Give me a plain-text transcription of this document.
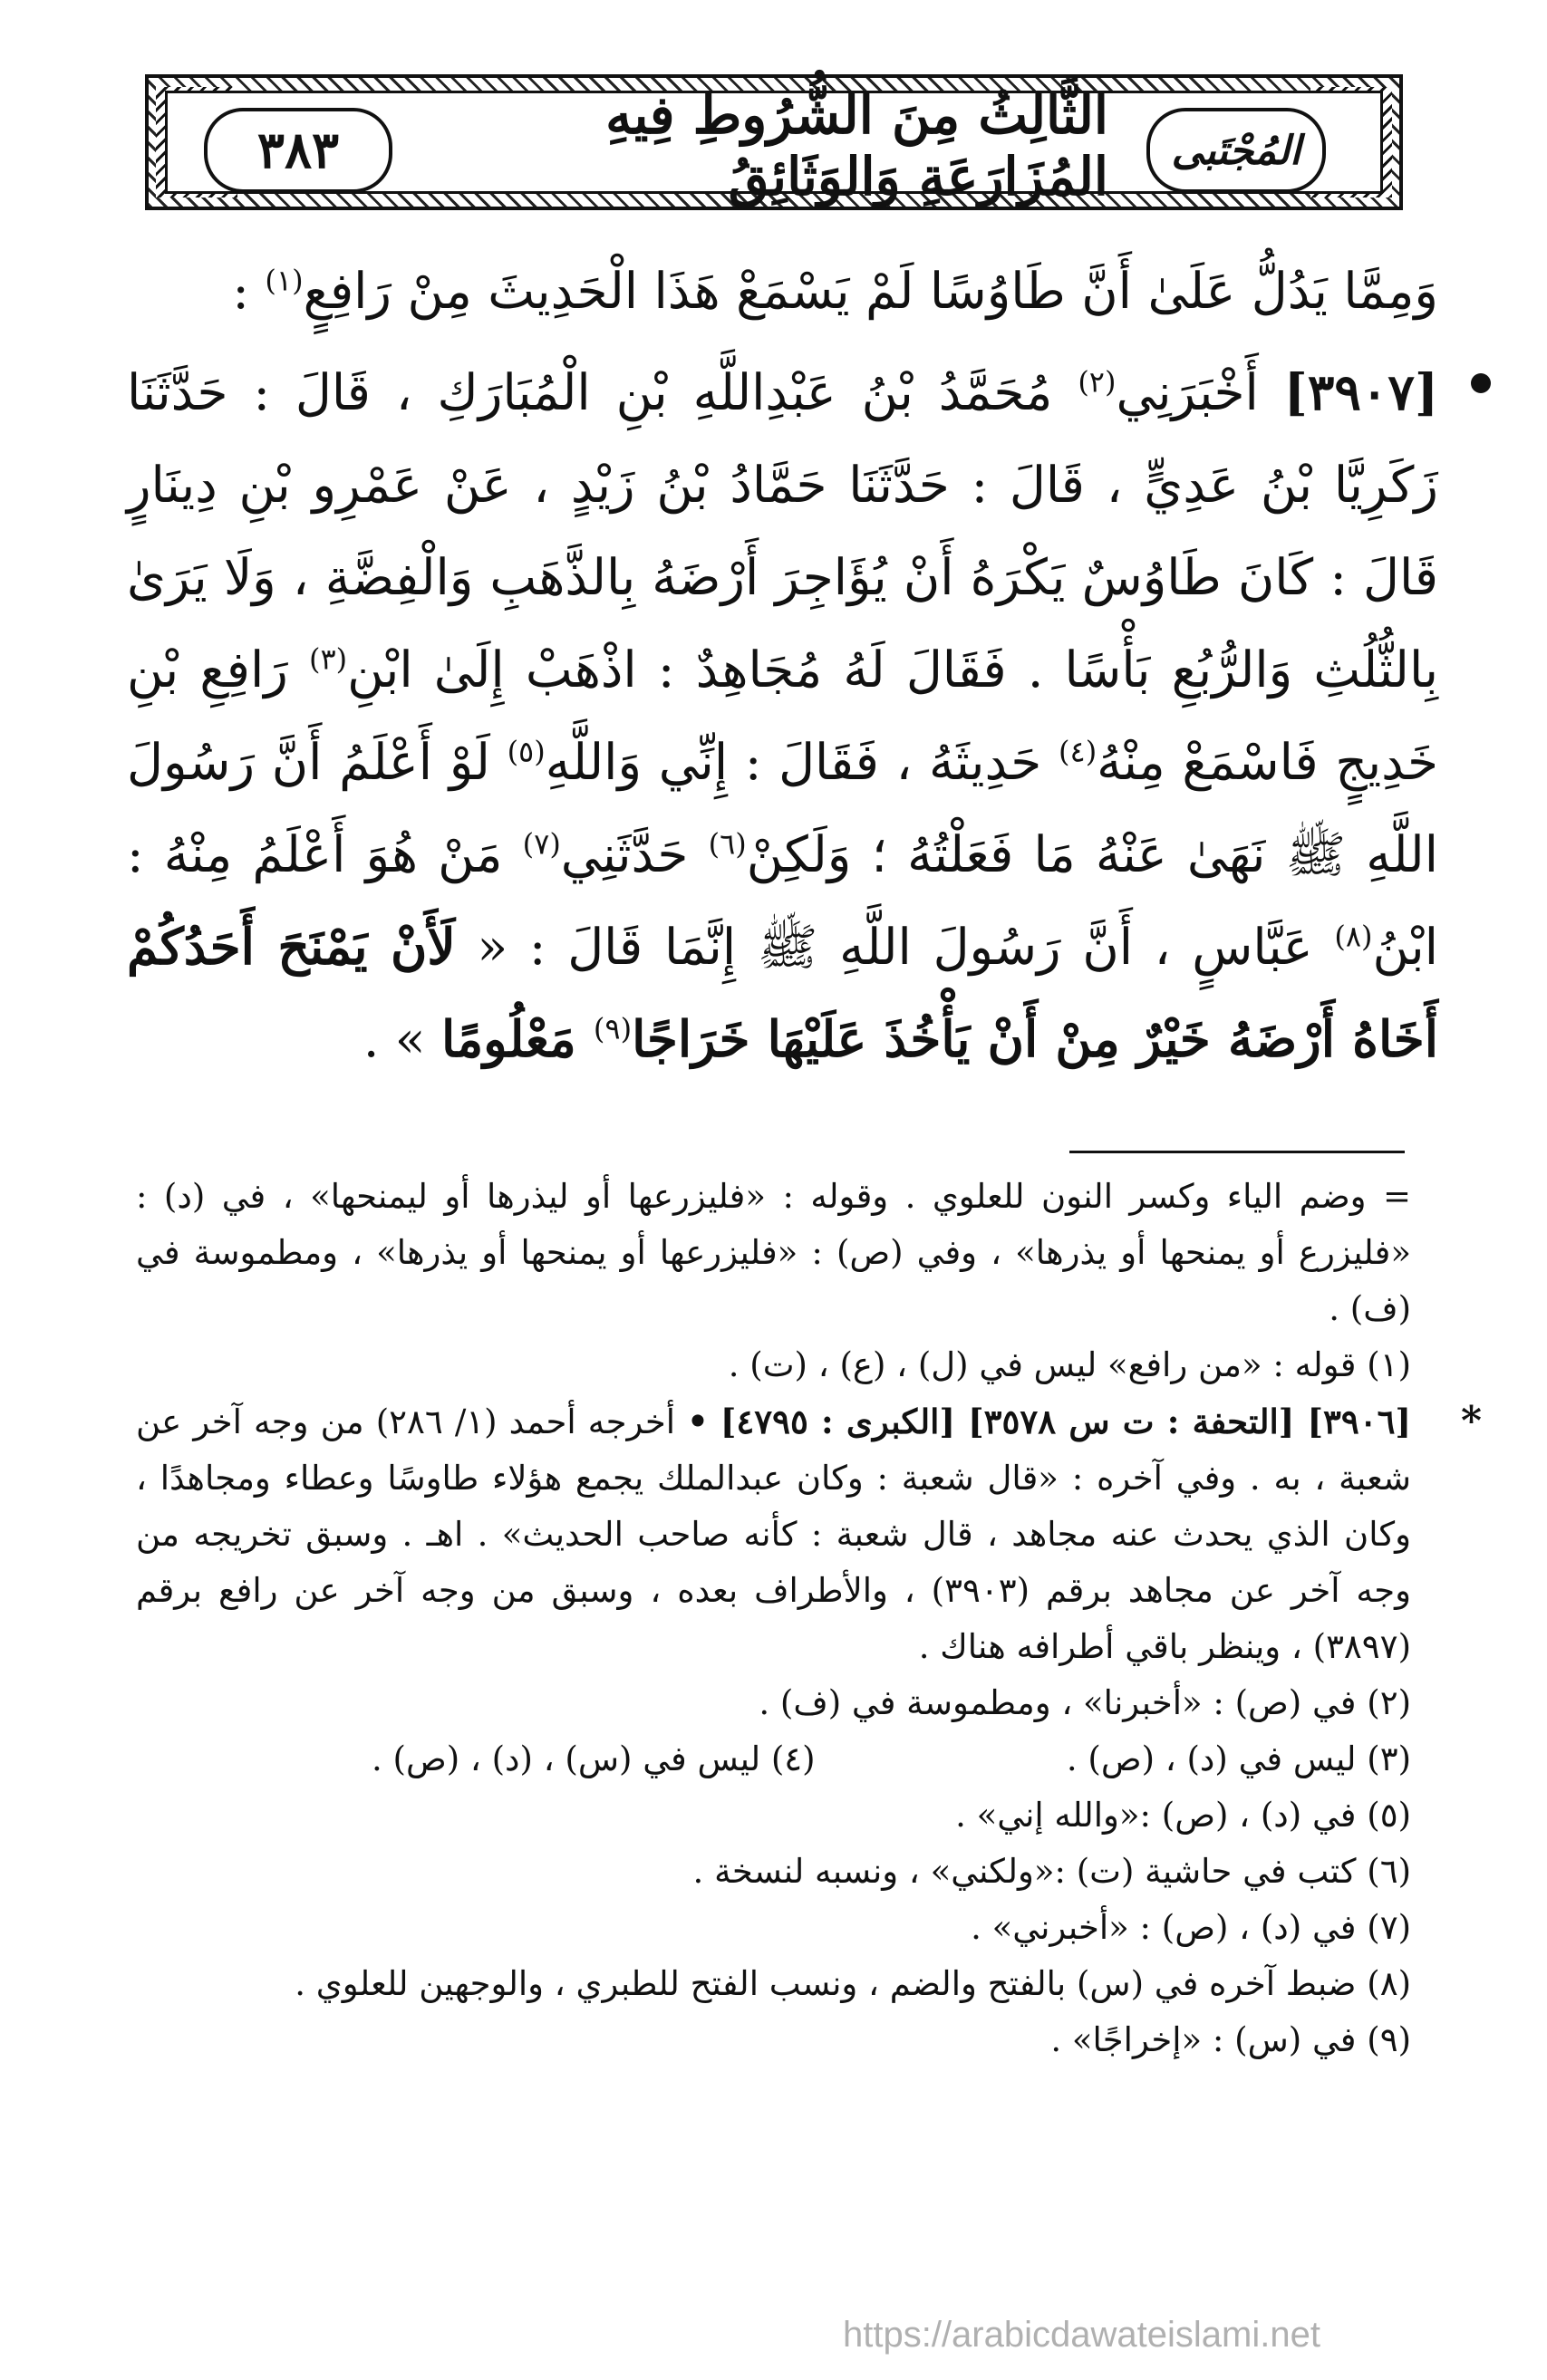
٣٨٣
الثَّالِثُ مِنَ الشُّرُوطِ فِيهِ المُزَارَعَةِ وَالوَثَائِقُ	المُجْتَبى

وَمِمَّا يَدُلُّ عَلَىٰ أَنَّ طَاوُسًا لَمْ يَسْمَعْ هَذَا الْحَدِيثَ مِنْ رَافِعٍ$^{(١)}$ :

[٣٩٠٧] أَخْبَرَنِي$^{(٢)}$ مُحَمَّدُ بْنُ عَبْدِاللَّهِ بْنِ الْمُبَارَكِ ، قَالَ : حَدَّثَنَا زَكَرِيَّا بْنُ عَدِيٍّ ، قَالَ : حَدَّثَنَا حَمَّادُ بْنُ زَيْدٍ ، عَنْ عَمْرِو بْنِ دِينَارٍ قَالَ : كَانَ طَاوُسٌ يَكْرَهُ أَنْ يُؤَاجِرَ أَرْضَهُ بِالذَّهَبِ وَالْفِضَّةِ ، وَلَا يَرَىٰ بِالثُّلُثِ وَالرُّبُعِ بَأْسًا . فَقَالَ لَهُ مُجَاهِدٌ : اذْهَبْ إِلَىٰ ابْنِ$^{(٣)}$ رَافِعِ بْنِ خَدِيجٍ فَاسْمَعْ مِنْهُ$^{(٤)}$ حَدِيثَهُ ، فَقَالَ : إِنِّي وَاللَّهِ$^{(٥)}$ لَوْ أَعْلَمُ أَنَّ رَسُولَ اللَّهِ ﷺ نَهَىٰ عَنْهُ مَا فَعَلْتُهُ ؛ وَلَكِنْ$^{(٦)}$ حَدَّثَنِي$^{(٧)}$ مَنْ هُوَ أَعْلَمُ مِنْهُ : ابْنُ$^{(٨)}$ عَبَّاسٍ ، أَنَّ رَسُولَ اللَّهِ ﷺ إِنَّمَا قَالَ : « لَأَنْ يَمْنَحَ أَحَدُكُمْ أَخَاهُ أَرْضَهُ خَيْرٌ مِنْ أَنْ يَأْخُذَ عَلَيْهَا خَرَاجًا$^{(٩)}$ مَعْلُومًا » .

= وضم الياء وكسر النون للعلوي . وقوله : «فليزرعها أو ليذرها أو ليمنحها» ، في (د) : «فليزرع أو يمنحها أو يذرها» ، وفي (ص) : «فليزرعها أو يمنحها أو يذرها» ، ومطموسة في (ف) .

(١) قوله : «من رافع» ليس في (ل) ، (ع) ، (ت) .

*
[٣٩٠٦] [التحفة : ت س ٣٥٧٨] [الكبرى : ٤٧٩٥] • أخرجه أحمد (١/ ٢٨٦) من وجه آخر عن شعبة ، به . وفي آخره : «قال شعبة : وكان عبدالملك يجمع هؤلاء طاوسًا وعطاء ومجاهدًا ، وكان الذي يحدث عنه مجاهد ، قال شعبة : كأنه صاحب الحديث» . اهـ . وسبق تخريجه من وجه آخر عن مجاهد برقم (٣٩٠٣) ، والأطراف بعده ، وسبق من وجه آخر عن رافع برقم (٣٨٩٧) ، وينظر باقي أطرافه هناك .

(٢) في (ص) : «أخبرنا» ، ومطموسة في (ف) .

(٣) ليس في (د) ، (ص) .
(٤) ليس في (س) ، (د) ، (ص) .

(٥) في (د) ، (ص) :«والله إني» .

(٦) كتب في حاشية (ت) :«ولكني» ، ونسبه لنسخة .

(٧) في (د) ، (ص) : «أخبرني» .

(٨) ضبط آخره في (س) بالفتح والضم ، ونسب الفتح للطبري ، والوجهين للعلوي .

(٩) في (س) : «إخراجًا» .

https://arabicdawateislami.net
